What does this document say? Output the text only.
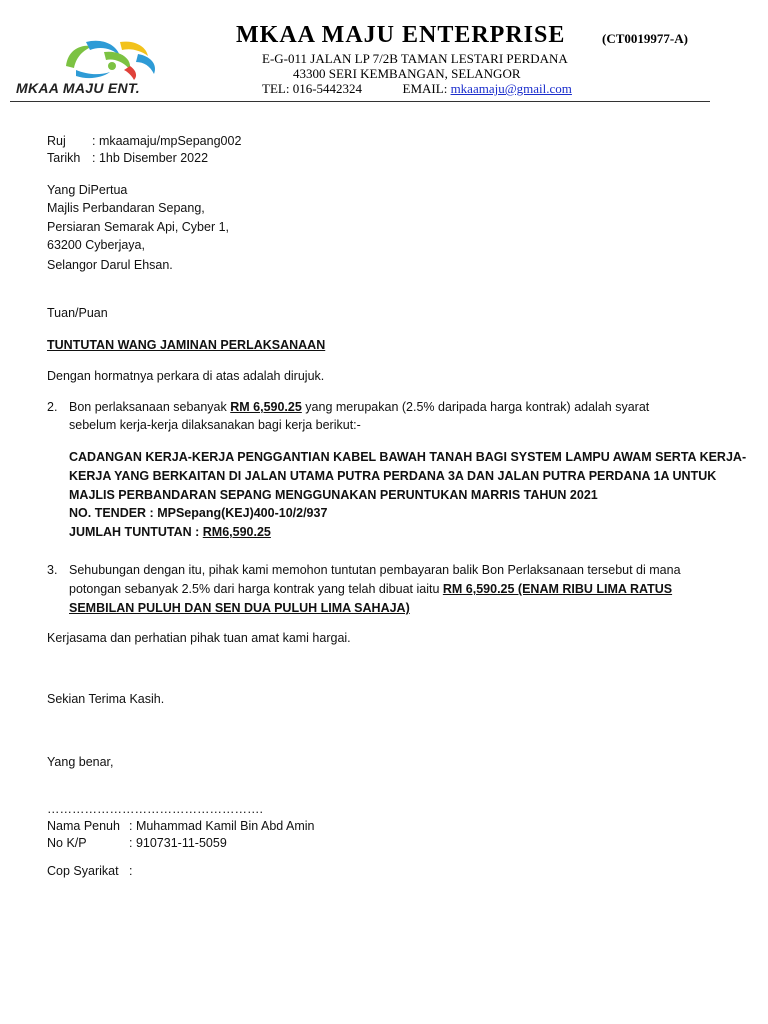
MKAA MAJU ENT.
MKAA MAJU ENTERPRISE	(CT0019977-A)
E-G-011 JALAN LP 7/2B TAMAN LESTARI PERDANA
43300 SERI KEMBANGAN, SELANGOR
TEL: 016-5442324	EMAIL: mkaamaju@gmail.com
Ruj : mkaamaju/mpSepang002
Tarikh : 1hb Disember 2022
Yang DiPertua
Majlis Perbandaran Sepang,
Persiaran Semarak Api, Cyber 1,
63200 Cyberjaya,
Selangor Darul Ehsan.
Tuan/Puan
TUNTUTAN WANG JAMINAN PERLAKSANAAN
Dengan hormatnya perkara di atas adalah dirujuk.
2. Bon perlaksanaan sebanyak RM 6,590.25 yang merupakan (2.5% daripada harga kontrak) adalah syarat
sebelum kerja-kerja dilaksanakan bagi kerja berikut:-
CADANGAN KERJA-KERJA PENGGANTIAN KABEL BAWAH TANAH BAGI SYSTEM LAMPU AWAM SERTA KERJA-
KERJA YANG BERKAITAN DI JALAN UTAMA PUTRA PERDANA 3A DAN JALAN PUTRA PERDANA 1A UNTUK
MAJLIS PERBANDARAN SEPANG MENGGUNAKAN PERUNTUKAN MARRIS TAHUN 2021
NO. TENDER : MPSepang(KEJ)400-10/2/937
JUMLAH TUNTUTAN : RM6,590.25
3. Sehubungan dengan itu, pihak kami memohon tuntutan pembayaran balik Bon Perlaksanaan tersebut di mana
potongan sebanyak 2.5% dari harga kontrak yang telah dibuat iaitu RM 6,590.25 (ENAM RIBU LIMA RATUS
SEMBILAN PULUH DAN SEN DUA PULUH LIMA SAHAJA)
Kerjasama dan perhatian pihak tuan amat kami hargai.
Sekian Terima Kasih.
Yang benar,
…………………………………………….
Nama Penuh : Muhammad Kamil Bin Abd Amin
No K/P	: 910731-11-5059
Cop Syarikat :
